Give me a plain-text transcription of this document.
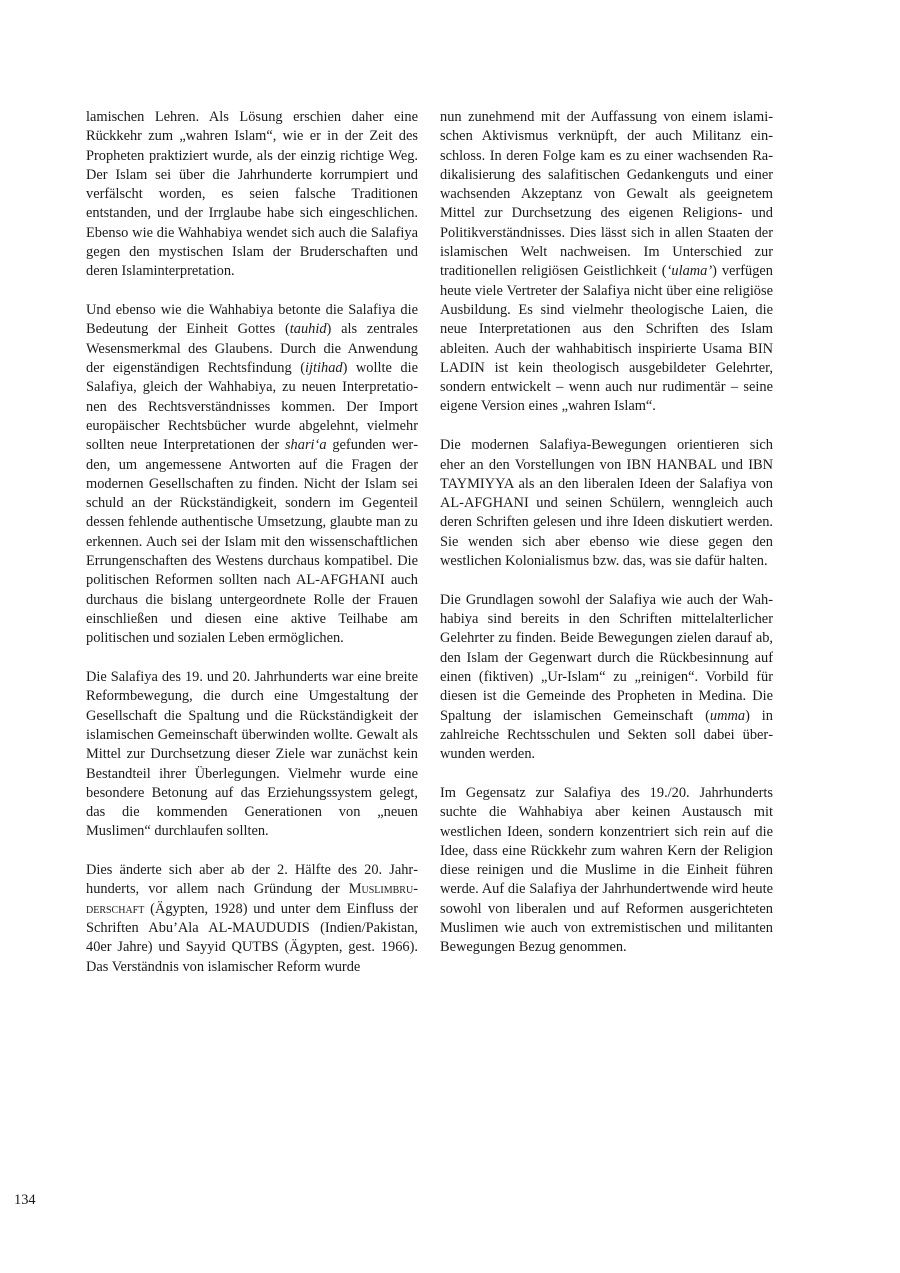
lamischen Lehren. Als Lösung erschien daher eine Rückkehr zum „wahren Islam“, wie er in der Zeit des Propheten praktiziert wurde, als der einzig richtige Weg. Der Islam sei über die Jahrhunderte korrumpiert und verfälscht worden, es seien falsche Traditionen entstanden, und der Irrglaube habe sich eingeschlichen. Ebenso wie die Wahhabiya wendet sich auch die Salafiya gegen den mystischen Islam der Bruderschaften und deren Islaminterpretation.

Und ebenso wie die Wahhabiya betonte die Salafiya die Bedeutung der Einheit Gottes (tauhid) als zentrales Wesensmerkmal des Glaubens. Durch die Anwendung der eigenständigen Rechtsfindung (ijtihad) wollte die Salafiya, gleich der Wahhabiya, zu neuen Interpretationen des Rechtsverständnisses kommen. Der Import europäischer Rechtsbücher wurde abgelehnt, vielmehr sollten neue Interpretationen der shari‘a gefunden werden, um angemessene Antworten auf die Fragen der modernen Gesellschaften zu finden. Nicht der Islam sei schuld an der Rückständigkeit, sondern im Gegenteil dessen fehlende authentische Umsetzung, glaubte man zu erkennen. Auch sei der Islam mit den wissenschaftlichen Errungenschaften des Westens durchaus kompatibel. Die politischen Reformen sollten nach AL-AFGHANI auch durchaus die bislang untergeordnete Rolle der Frauen einschließen und diesen eine aktive Teilhabe am politischen und sozialen Leben ermöglichen.

Die Salafiya des 19. und 20. Jahrhunderts war eine breite Reformbewegung, die durch eine Umgestaltung der Gesellschaft die Spaltung und die Rückständigkeit der islamischen Gemeinschaft überwinden wollte. Gewalt als Mittel zur Durchsetzung dieser Ziele war zunächst kein Bestandteil ihrer Überlegungen. Vielmehr wurde eine besondere Betonung auf das Erziehungssystem gelegt, das die kommenden Generationen von „neuen Muslimen“ durchlaufen sollten.

Dies änderte sich aber ab der 2. Hälfte des 20. Jahrhunderts, vor allem nach Gründung der Muslimbruderschaft (Ägypten, 1928) und unter dem Einfluss der Schriften Abu’Ala AL-MAUDUDIS (Indien/Pakistan, 40er Jahre) und Sayyid QUTBS (Ägypten, gest. 1966). Das Verständnis von islamischer Reform wurde

nun zunehmend mit der Auffassung von einem islamischen Aktivismus verknüpft, der auch Militanz einschloss. In deren Folge kam es zu einer wachsenden Radikalisierung des salafitischen Gedankenguts und einer wachsenden Akzeptanz von Gewalt als geeignetem Mittel zur Durchsetzung des eigenen Religions- und Politikverständnisses. Dies lässt sich in allen Staaten der islamischen Welt nachweisen. Im Unterschied zur traditionellen religiösen Geistlichkeit (‘ulama’) verfügen heute viele Vertreter der Salafiya nicht über eine religiöse Ausbildung. Es sind vielmehr theologische Laien, die neue Interpretationen aus den Schriften des Islam ableiten. Auch der wahhabitisch inspirierte Usama BIN LADIN ist kein theologisch ausgebildeter Gelehrter, sondern entwickelt – wenn auch nur rudimentär – seine eigene Version eines „wahren Islam“.

Die modernen Salafiya-Bewegungen orientieren sich eher an den Vorstellungen von IBN HANBAL und IBN TAYMIYYA als an den liberalen Ideen der Salafiya von AL-AFGHANI und seinen Schülern, wenngleich auch deren Schriften gelesen und ihre Ideen diskutiert werden. Sie wenden sich aber ebenso wie diese gegen den westlichen Kolonialismus bzw. das, was sie dafür halten.

Die Grundlagen sowohl der Salafiya wie auch der Wahhabiya sind bereits in den Schriften mittelalterlicher Gelehrter zu finden. Beide Bewegungen zielen darauf ab, den Islam der Gegenwart durch die Rückbesinnung auf einen (fiktiven) „Ur-Islam“ zu „reinigen“. Vorbild für diesen ist die Gemeinde des Propheten in Medina. Die Spaltung der islamischen Gemeinschaft (umma) in zahlreiche Rechtsschulen und Sekten soll dabei überwunden werden.

Im Gegensatz zur Salafiya des 19./20. Jahrhunderts suchte die Wahhabiya aber keinen Austausch mit westlichen Ideen, sondern konzentriert sich rein auf die Idee, dass eine Rückkehr zum wahren Kern der Religion diese reinigen und die Muslime in die Einheit führen werde. Auf die Salafiya der Jahrhundertwende wird heute sowohl von liberalen und auf Reformen ausgerichteten Muslimen wie auch von extremistischen und militanten Bewegungen Bezug genommen.

134
